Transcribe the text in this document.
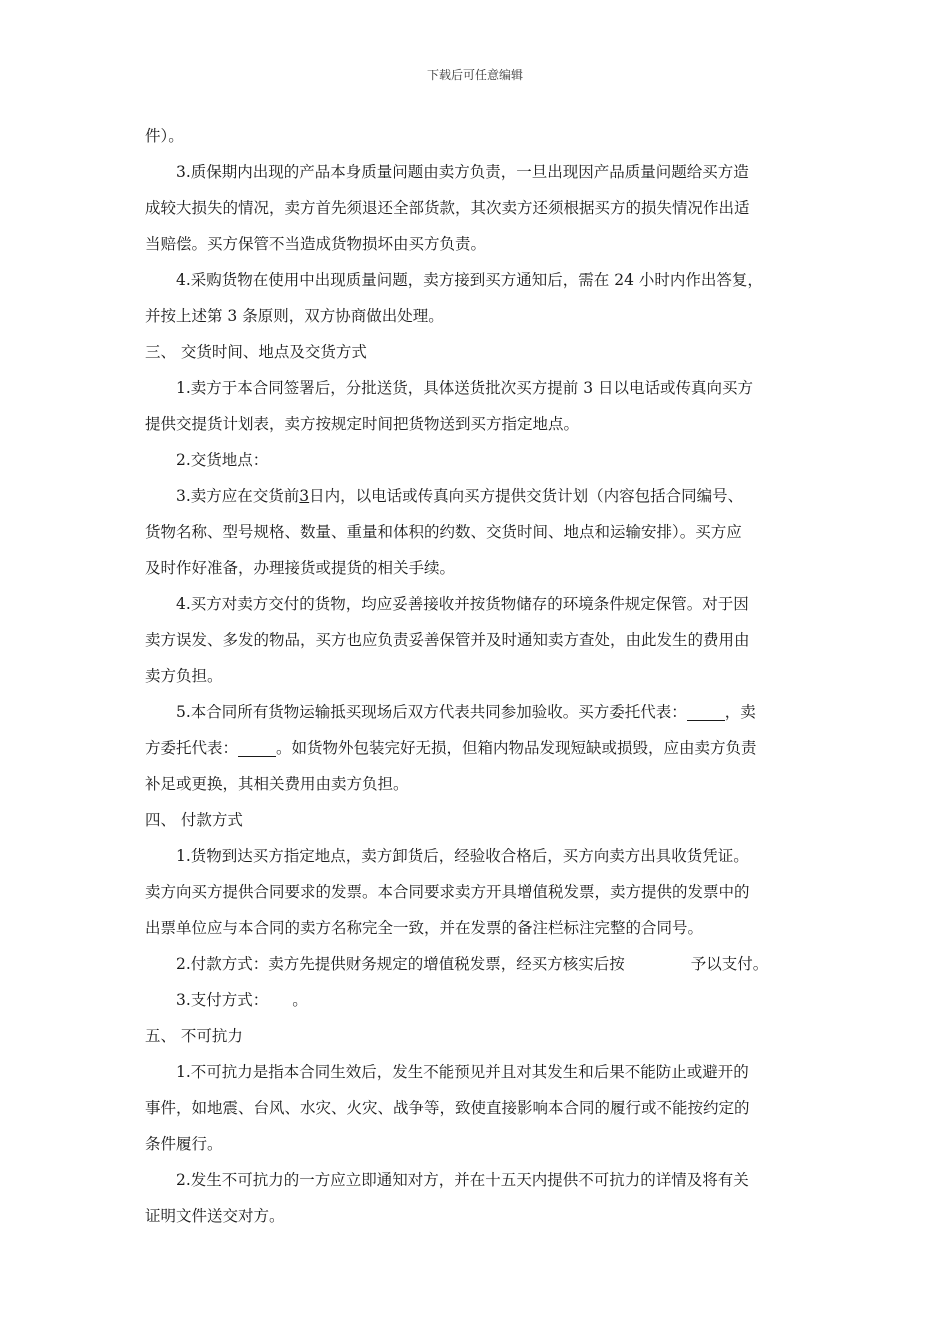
下载后可任意编辑
件）。
3.质保期内出现的产品本身质量问题由卖方负责，一旦出现因产品质量问题给买方造
成较大损失的情况，卖方首先须退还全部货款，其次卖方还须根据买方的损失情况作出适
当赔偿。买方保管不当造成货物损坏由买方负责。
4.采购货物在使用中出现质量问题，卖方接到买方通知后，需在 24 小时内作出答复，
并按上述第 3 条原则，双方协商做出处理。
三、 交货时间、地点及交货方式
1.卖方于本合同签署后，分批送货，具体送货批次买方提前 3 日以电话或传真向买方
提供交提货计划表，卖方按规定时间把货物送到买方指定地点。
2.交货地点：
3.卖方应在交货前3日内，以电话或传真向买方提供交货计划（内容包括合同编号、
货物名称、型号规格、数量、重量和体积的约数、交货时间、地点和运输安排）。买方应
及时作好准备，办理接货或提货的相关手续。
4.买方对卖方交付的货物，均应妥善接收并按货物储存的环境条件规定保管。对于因
卖方误发、多发的物品，买方也应负责妥善保管并及时通知卖方查处，由此发生的费用由
卖方负担。
5.本合同所有货物运输抵买现场后双方代表共同参加验收。买方委托代表： ，卖
方委托代表： 。如货物外包装完好无损，但箱内物品发现短缺或损毁，应由卖方负责
补足或更换，其相关费用由卖方负担。
四、 付款方式
1.货物到达买方指定地点，卖方卸货后，经验收合格后，买方向卖方出具收货凭证。
卖方向买方提供合同要求的发票。本合同要求卖方开具增值税发票，卖方提供的发票中的
出票单位应与本合同的卖方名称完全一致，并在发票的备注栏标注完整的合同号。
2.付款方式：卖方先提供财务规定的增值税发票，经买方核实后按	予以支付。
3.支付方式： 。
五、 不可抗力
1.不可抗力是指本合同生效后，发生不能预见并且对其发生和后果不能防止或避开的
事件，如地震、台风、水灾、火灾、战争等，致使直接影响本合同的履行或不能按约定的
条件履行。
2.发生不可抗力的一方应立即通知对方，并在十五天内提供不可抗力的详情及将有关
证明文件送交对方。
